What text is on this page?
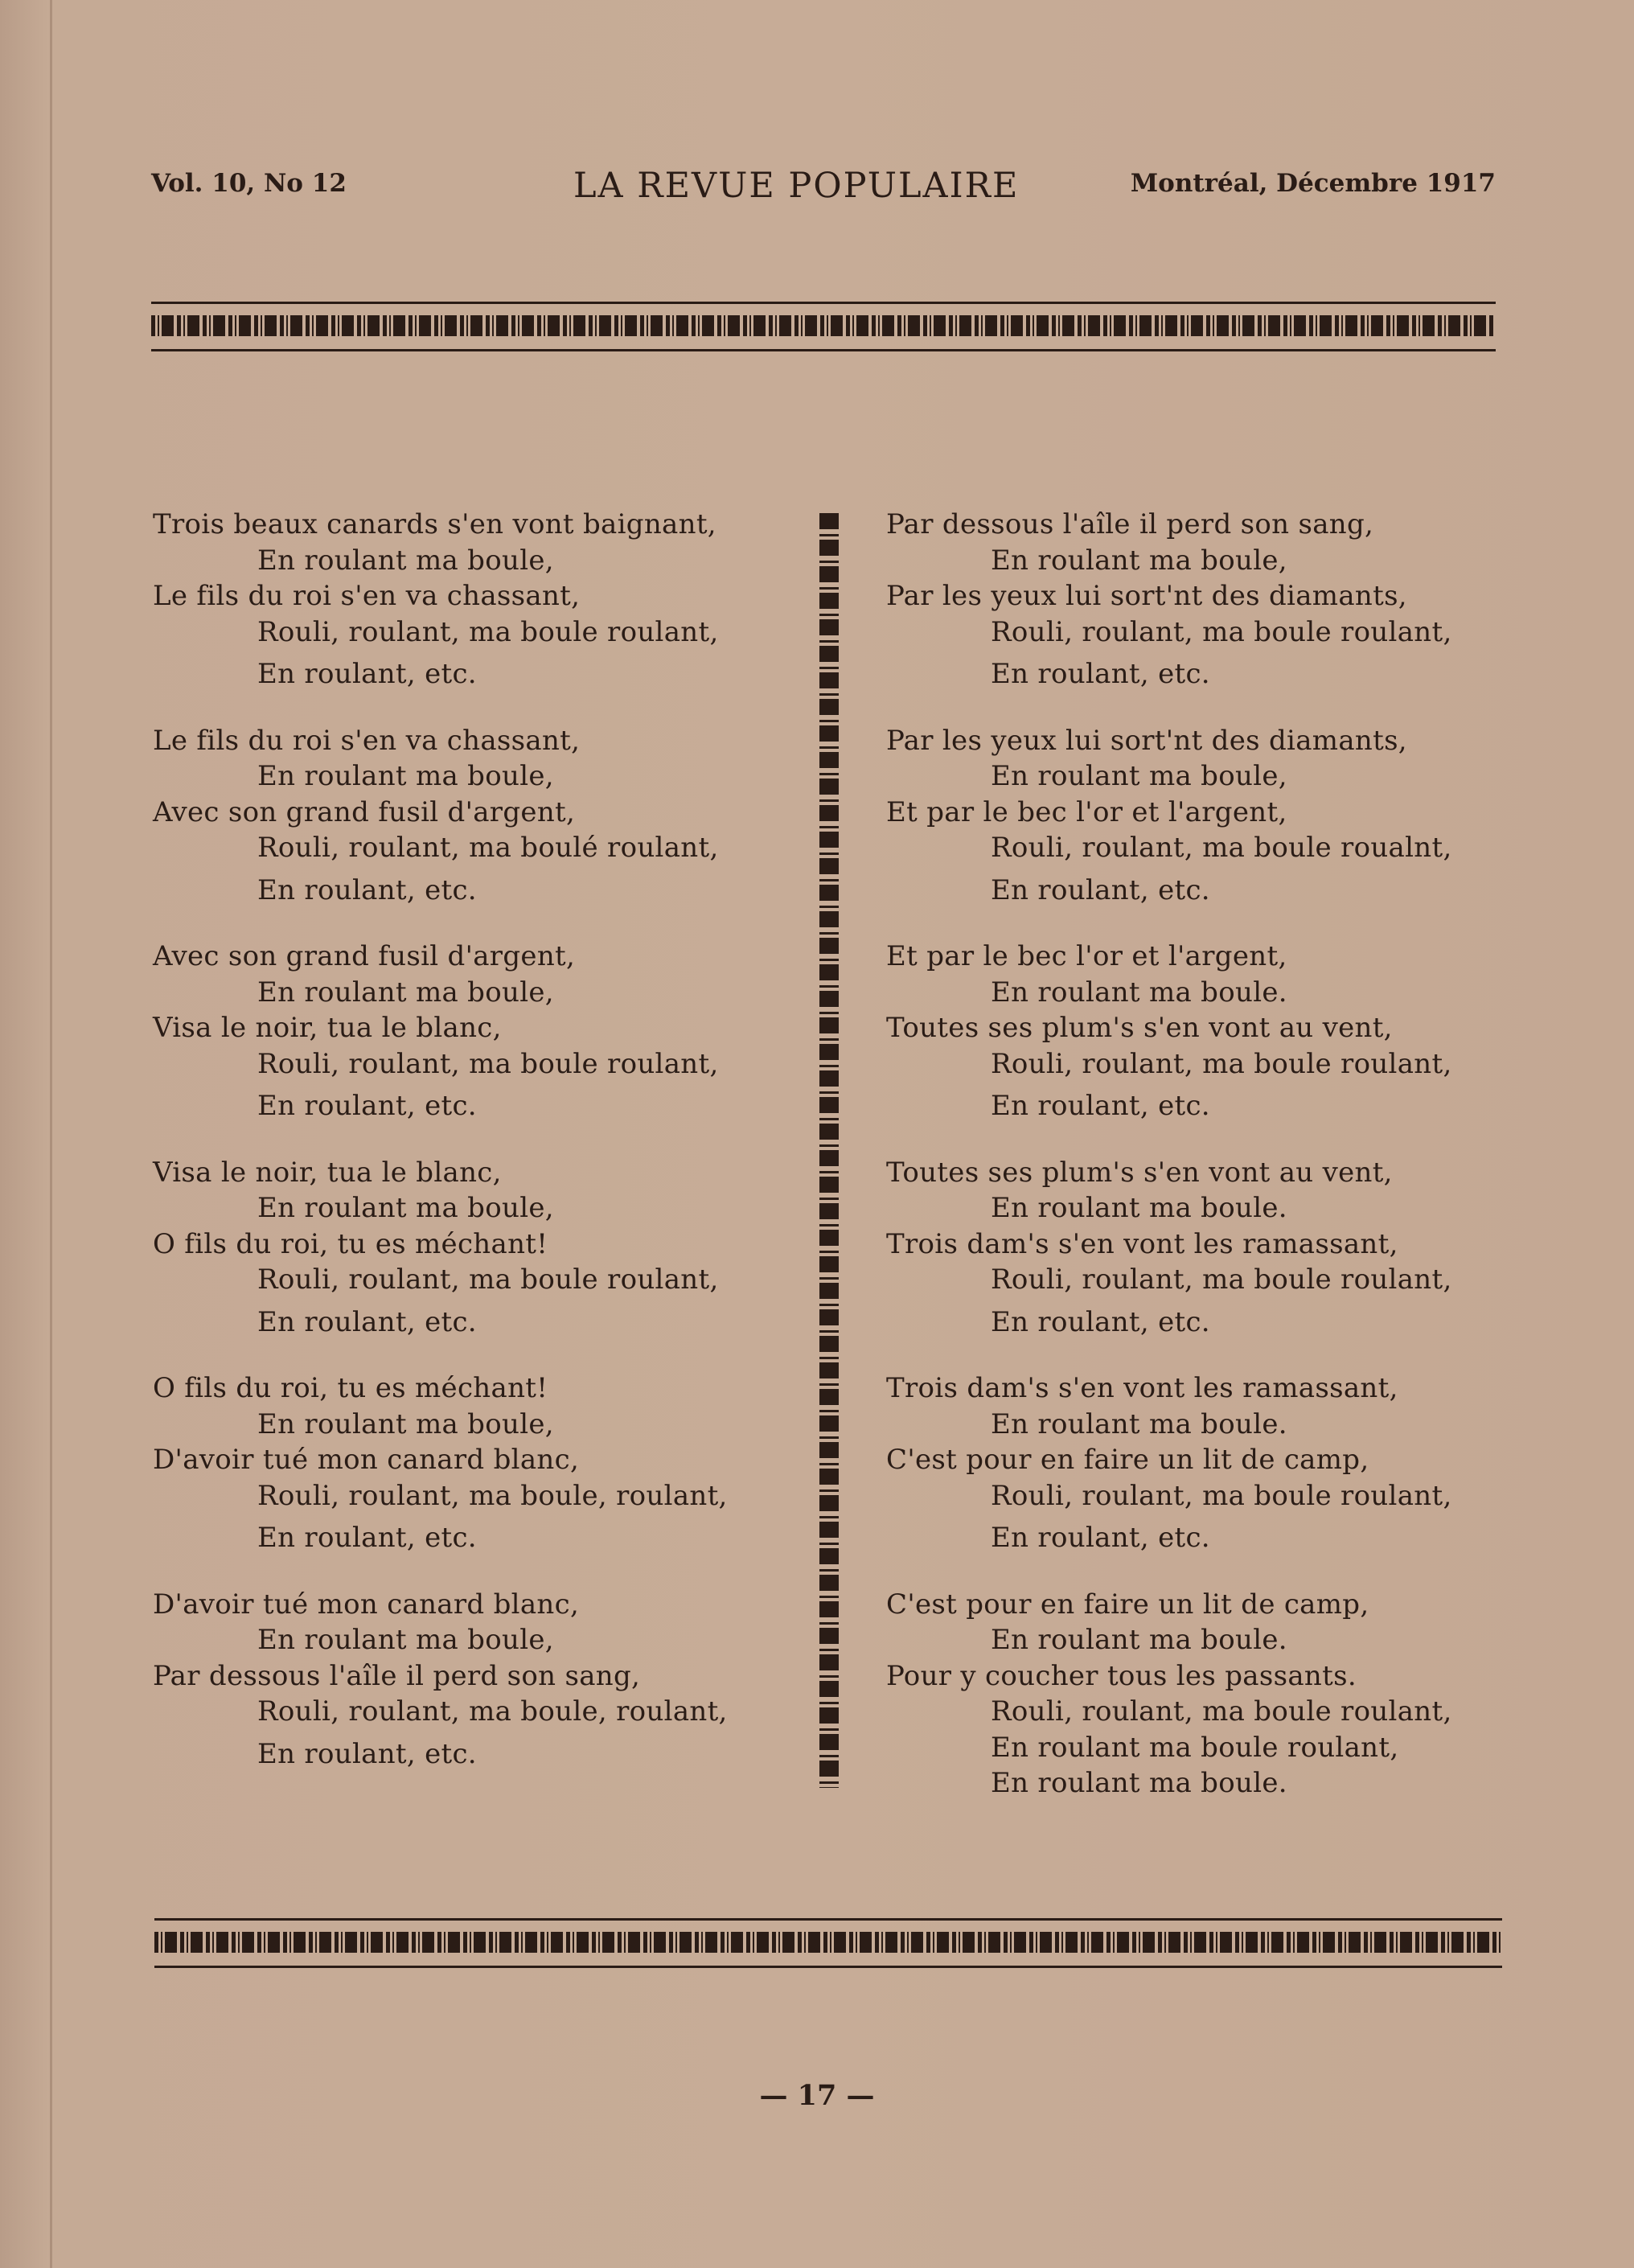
Vol. 10, No 12	LA REVUE POPULAIRE	Montréal, Décembre 1917
Trois beaux canards s'en vont baignant,
En roulant ma boule,
Le fils du roi s'en va chassant,
Rouli, roulant, ma boule roulant,
En roulant, etc.
Le fils du roi s'en va chassant,
En roulant ma boule,
Avec son grand fusil d'argent,
Rouli, roulant, ma boulé roulant,
En roulant, etc.
Avec son grand fusil d'argent,
En roulant ma boule,
Visa le noir, tua le blanc,
Rouli, roulant, ma boule roulant,
En roulant, etc.
Visa le noir, tua le blanc,
En roulant ma boule,
O fils du roi, tu es méchant!
Rouli, roulant, ma boule roulant,
En roulant, etc.
O fils du roi, tu es méchant!
En roulant ma boule,
D'avoir tué mon canard blanc,
Rouli, roulant, ma boule, roulant,
En roulant, etc.
D'avoir tué mon canard blanc,
En roulant ma boule,
Par dessous l'aîle il perd son sang,
Rouli, roulant, ma boule, roulant,
En roulant, etc.
Par dessous l'aîle il perd son sang,
En roulant ma boule,
Par les yeux lui sort'nt des diamants,
Rouli, roulant, ma boule roulant,
En roulant, etc.
Par les yeux lui sort'nt des diamants,
En roulant ma boule,
Et par le bec l'or et l'argent,
Rouli, roulant, ma boule roualnt,
En roulant, etc.
Et par le bec l'or et l'argent,
En roulant ma boule.
Toutes ses plum's s'en vont au vent,
Rouli, roulant, ma boule roulant,
En roulant, etc.
Toutes ses plum's s'en vont au vent,
En roulant ma boule.
Trois dam's s'en vont les ramassant,
Rouli, roulant, ma boule roulant,
En roulant, etc.
Trois dam's s'en vont les ramassant,
En roulant ma boule.
C'est pour en faire un lit de camp,
Rouli, roulant, ma boule roulant,
En roulant, etc.
C'est pour en faire un lit de camp,
En roulant ma boule.
Pour y coucher tous les passants.
Rouli, roulant, ma boule roulant,
En roulant ma boule roulant,
En roulant ma boule.
— 17 —
